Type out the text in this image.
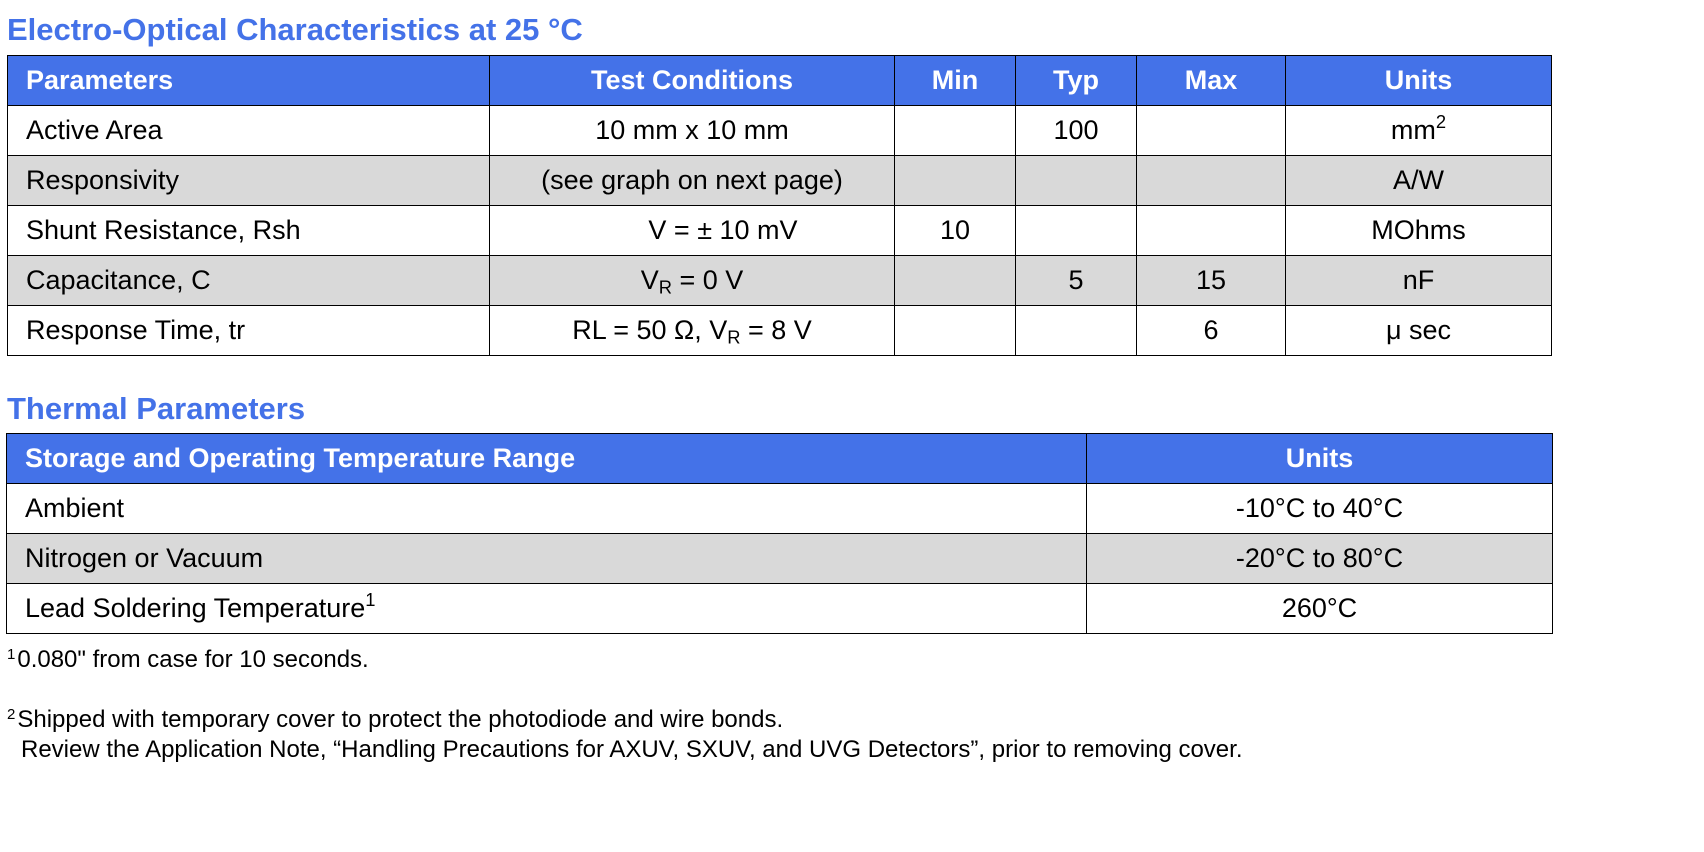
Electro-Optical Characteristics at 25 °C
Parameters	Test Conditions	Min	Typ	Max	Units
Active Area	10 mm x 10 mm		100		$mm^2$
Responsivity	(see graph on next page)				A/W
Shunt Resistance, Rsh	V = ± 10 mV	10			MOhms
Capacitance, C	$V_R = 0$ V		5	15	nF
Response Time, tr	RL = 50 Ω, $V_R = 8$ V			6	μ sec
Thermal Parameters
Storage and Operating Temperature Range	Units
Ambient	-10°C to 40°C
Nitrogen or Vacuum	-20°C to 80°C
Lead Soldering Temperature$^1$	260°C

$^1$0.080" from case for 10 seconds.

$^2$Shipped with temporary cover to protect the photodiode and wire bonds.
Review the Application Note, “Handling Precautions for AXUV, SXUV, and UVG Detectors”, prior to removing cover.
